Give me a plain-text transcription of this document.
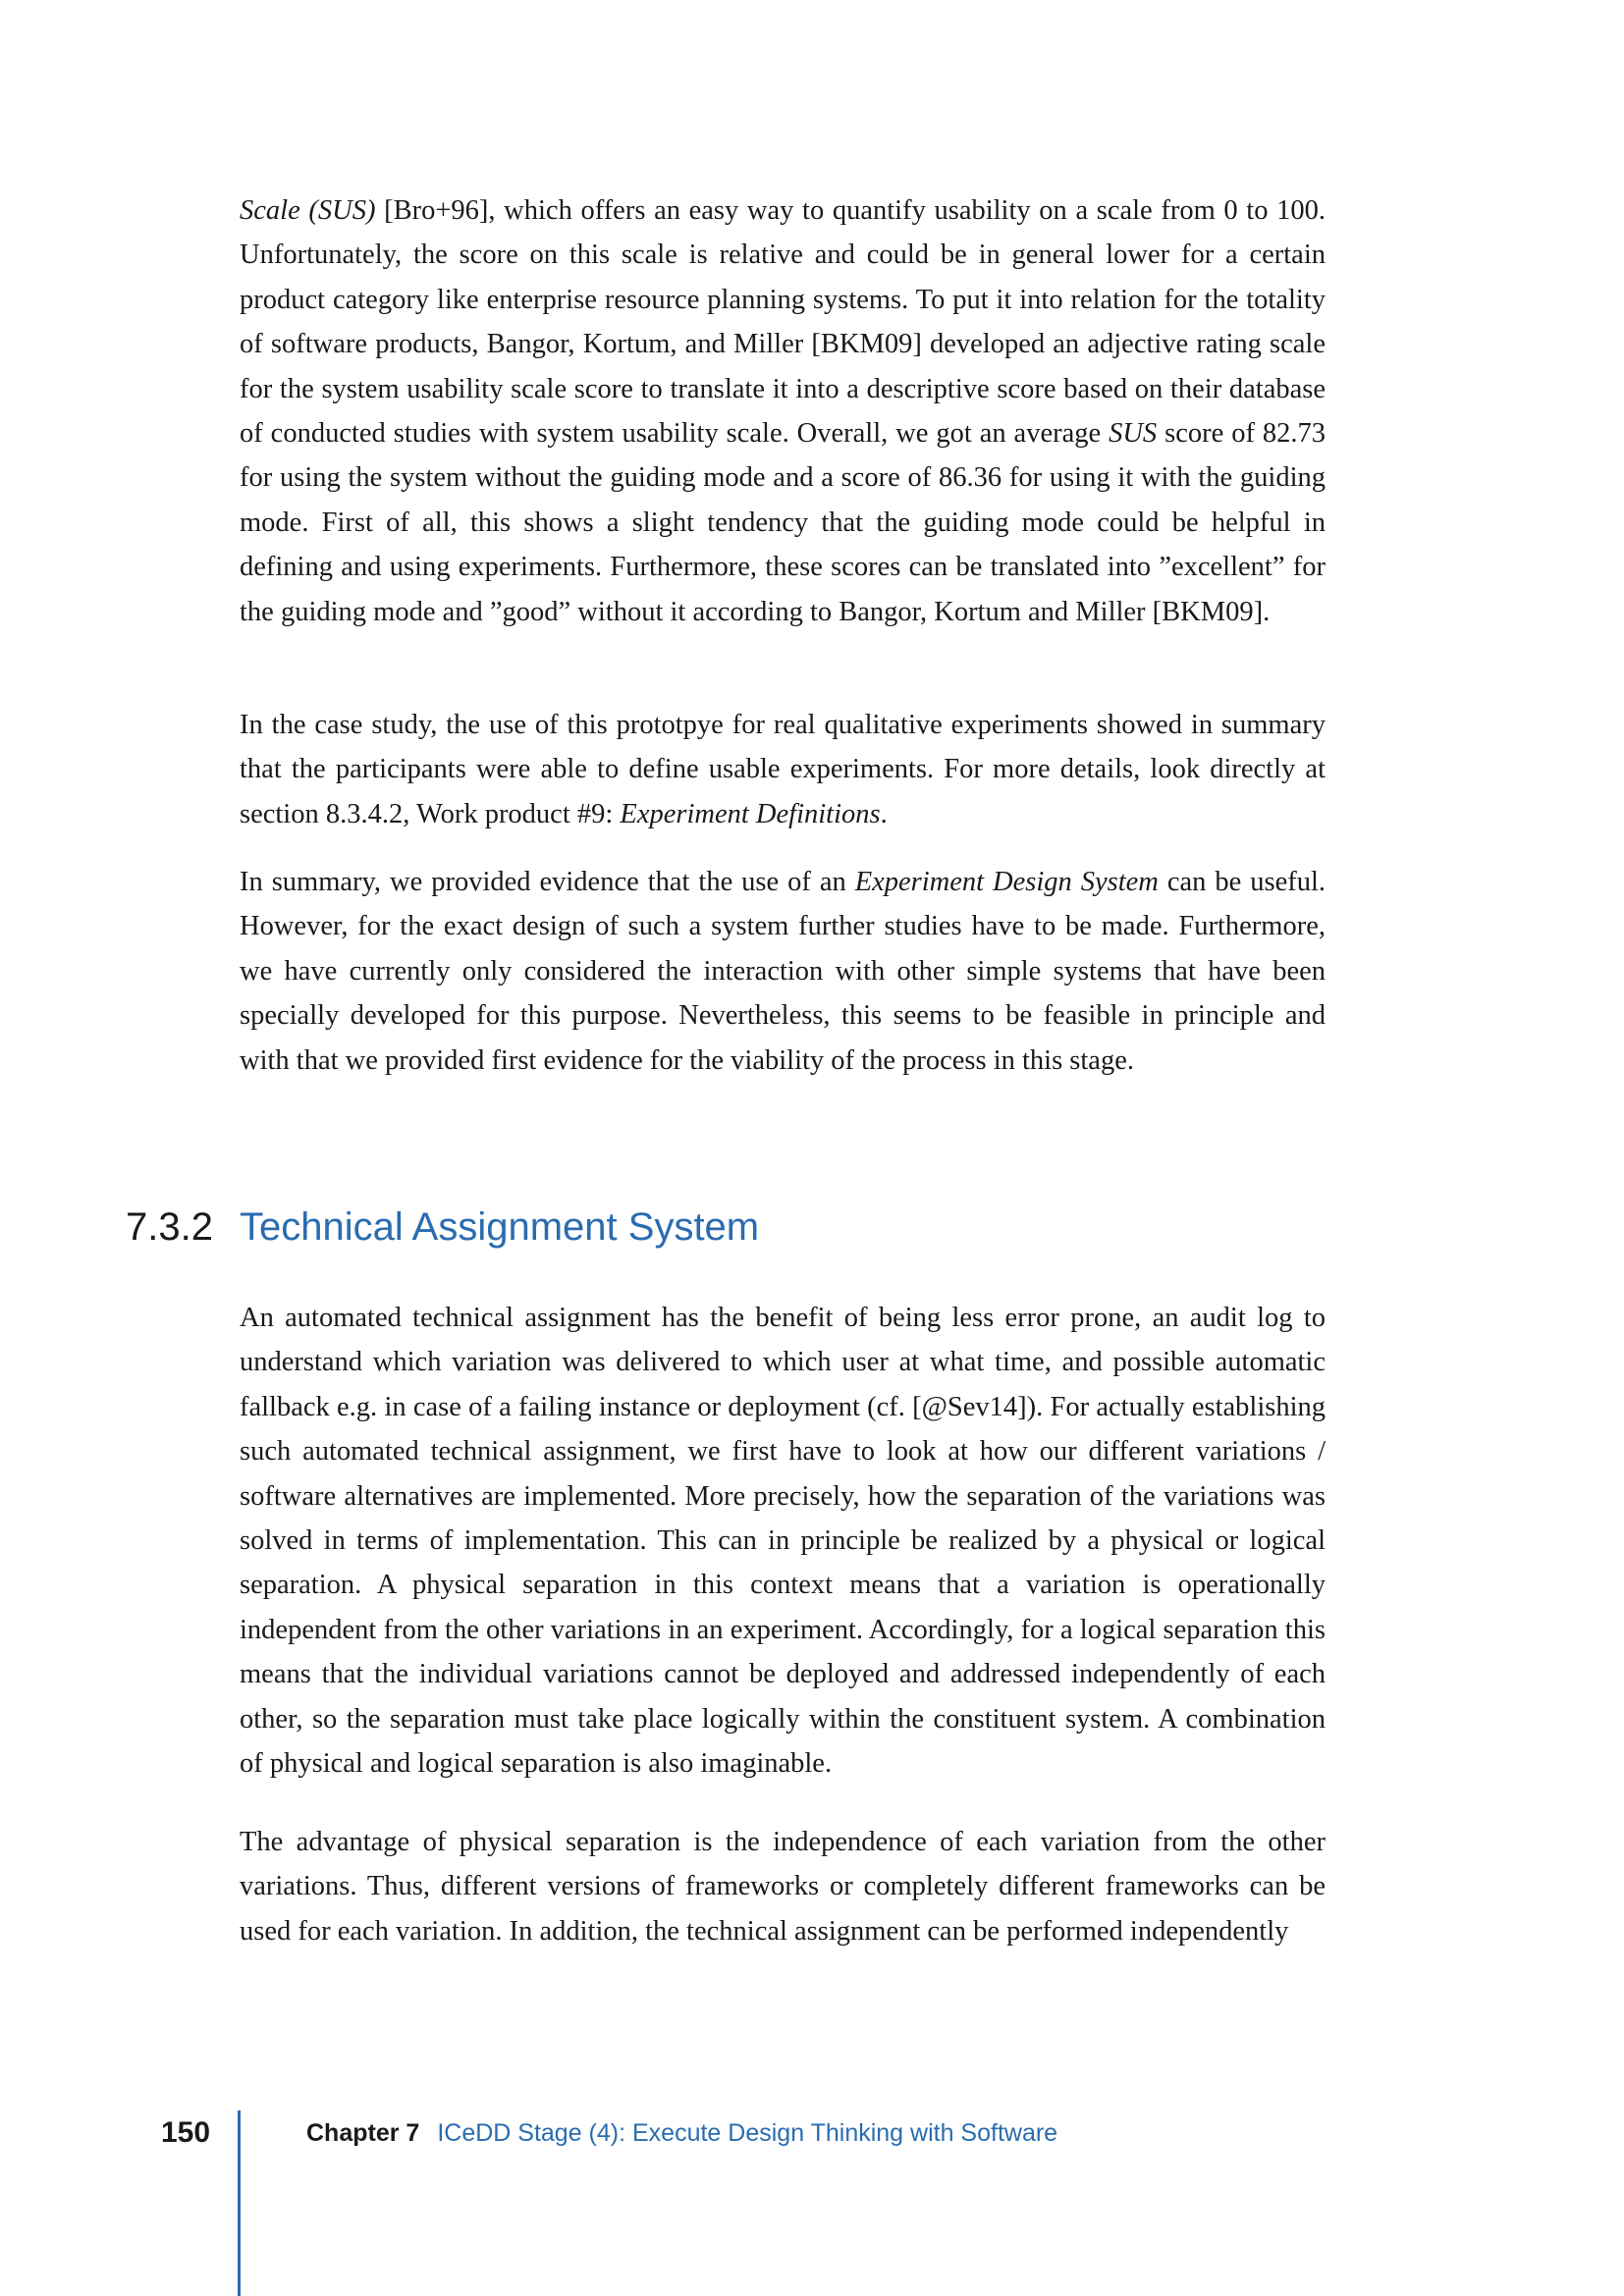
Scale (SUS) [Bro+96], which offers an easy way to quantify usability on a scale from 0 to 100. Unfortunately, the score on this scale is relative and could be in general lower for a certain product category like enterprise resource planning systems. To put it into relation for the totality of software products, Bangor, Kortum, and Miller [BKM09] developed an adjective rating scale for the system usability scale score to translate it into a descriptive score based on their database of conducted studies with system usability scale. Overall, we got an average SUS score of 82.73 for using the system without the guiding mode and a score of 86.36 for using it with the guiding mode. First of all, this shows a slight tendency that the guiding mode could be helpful in defining and using experiments. Furthermore, these scores can be translated into ”excellent” for the guiding mode and ”good” without it according to Bangor, Kortum and Miller [BKM09].

In the case study, the use of this prototpye for real qualitative experiments showed in summary that the participants were able to define usable experiments. For more details, look directly at section 8.3.4.2, Work product #9: Experiment Definitions.

In summary, we provided evidence that the use of an Experiment Design System can be useful. However, for the exact design of such a system further studies have to be made. Furthermore, we have currently only considered the interaction with other simple systems that have been specially developed for this purpose. Nevertheless, this seems to be feasible in principle and with that we provided first evidence for the viability of the process in this stage.

7.3.2 Technical Assignment System

An automated technical assignment has the benefit of being less error prone, an audit log to understand which variation was delivered to which user at what time, and possible automatic fallback e.g. in case of a failing instance or deployment (cf. [@Sev14]). For actually establishing such automated technical assignment, we first have to look at how our different variations / software alternatives are implemented. More precisely, how the separation of the variations was solved in terms of implementation. This can in principle be realized by a physical or logical separation. A physical separation in this context means that a variation is operationally independent from the other variations in an experiment. Accordingly, for a logical separation this means that the individual variations cannot be deployed and addressed independently of each other, so the separation must take place logically within the constituent system. A combination of physical and logical separation is also imaginable.

The advantage of physical separation is the independence of each variation from the other variations. Thus, different versions of frameworks or completely different frameworks can be used for each variation. In addition, the technical assignment can be performed independently

150	Chapter 7 ICeDD Stage (4): Execute Design Thinking with Software
